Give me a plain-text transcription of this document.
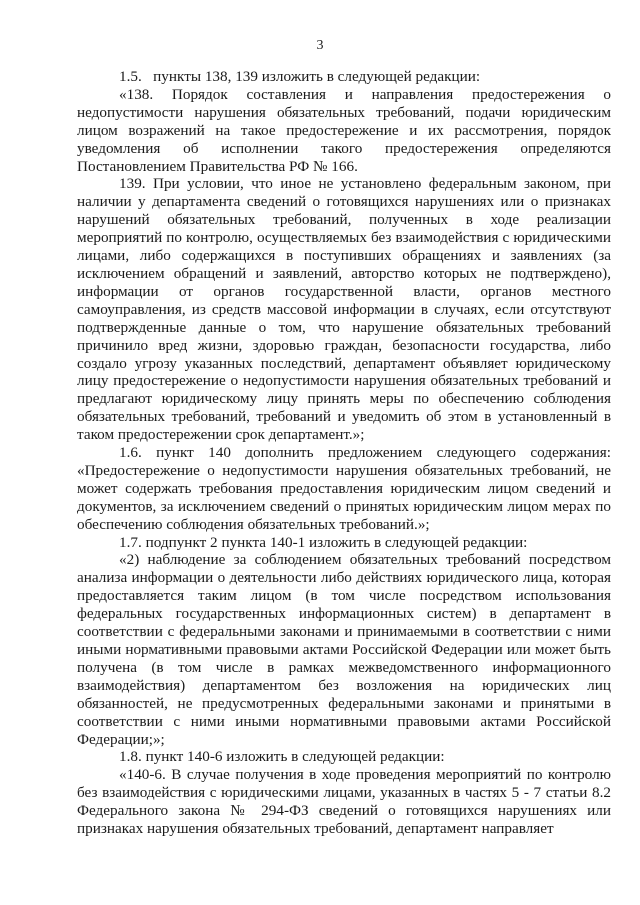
3

1.5.   пункты 138, 139 изложить в следующей редакции:

«138. Порядок составления и направления предостережения о недопустимости нарушения обязательных требований, подачи юридическим лицом возражений на такое предостережение и их рассмотрения, порядок уведомления об исполнении такого предостережения определяются Постановлением Правительства РФ № 166.

139. При условии, что иное не установлено федеральным законом, при наличии у департамента сведений о готовящихся нарушениях или о признаках нарушений обязательных требований, полученных в ходе реализации мероприятий по контролю, осуществляемых без взаимодействия с юридическими лицами, либо содержащихся в поступивших обращениях и заявлениях (за исключением обращений и заявлений, авторство которых не подтверждено), информации от органов государственной власти, органов местного самоуправления, из средств массовой информации в случаях, если отсутствуют подтвержденные данные о том, что нарушение обязательных требований причинило вред жизни, здоровью граждан, безопасности государства, либо создало угрозу указанных последствий, департамент объявляет юридическому лицу предостережение о недопустимости нарушения обязательных требований и предлагают юридическому лицу принять меры по обеспечению соблюдения обязательных требований, требований и уведомить об этом в установленный в таком предостережении срок департамент.»;

1.6. пункт 140 дополнить предложением следующего содержания: «Предостережение о недопустимости нарушения обязательных требований, не может содержать требования предоставления юридическим лицом сведений и документов, за исключением сведений о принятых юридическим лицом мерах по обеспечению соблюдения обязательных требований.»;

1.7. подпункт 2 пункта 140-1 изложить в следующей редакции:

«2) наблюдение за соблюдением обязательных требований посредством анализа информации о деятельности либо действиях юридического лица, которая предоставляется таким лицом (в том числе посредством использования федеральных государственных информационных систем) в департамент в соответствии с федеральными законами и принимаемыми в соответствии с ними иными нормативными правовыми актами Российской Федерации или может быть получена (в том числе в рамках межведомственного информационного взаимодействия) департаментом без возложения на юридических лиц обязанностей, не предусмотренных федеральными законами и принятыми в соответствии с ними иными нормативными правовыми актами Российской Федерации;»;

1.8. пункт 140-6 изложить в следующей редакции:

«140-6. В случае получения в ходе проведения мероприятий по контролю без взаимодействия с юридическими лицами, указанных в частях 5 - 7 статьи 8.2 Федерального закона № 294-ФЗ сведений о готовящихся нарушениях или признаках нарушения обязательных требований, департамент направляет
